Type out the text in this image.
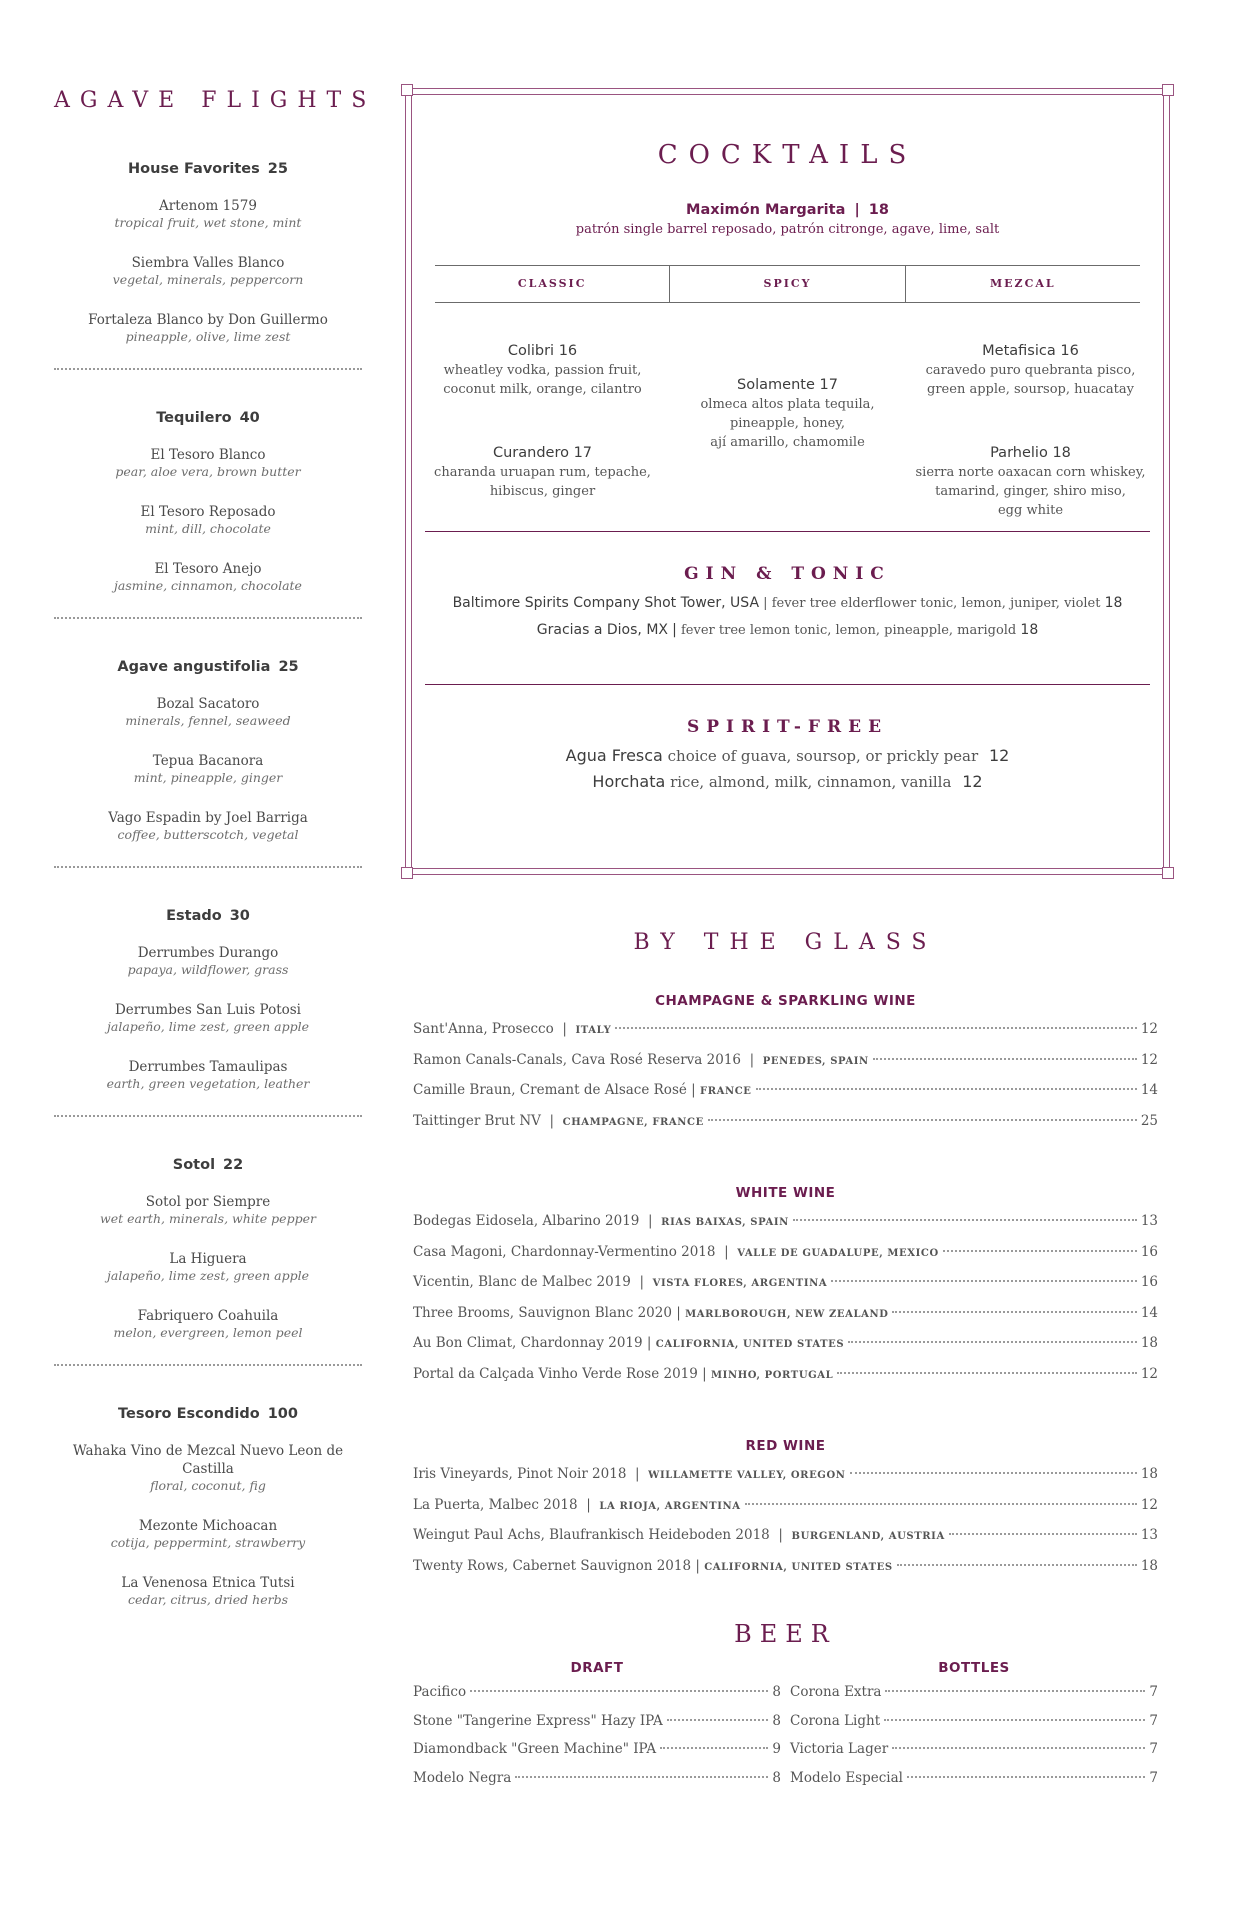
AGAVE FLIGHTS
House Favorites 25
Artenom 1579
tropical fruit, wet stone, mint
Siembra Valles Blanco
vegetal, minerals, peppercorn
Fortaleza Blanco by Don Guillermo
pineapple, olive, lime zest
Tequilero 40
El Tesoro Blanco
pear, aloe vera, brown butter
El Tesoro Reposado
mint, dill, chocolate
El Tesoro Anejo
jasmine, cinnamon, chocolate
Agave angustifolia 25
Bozal Sacatoro
minerals, fennel, seaweed
Tepua Bacanora
mint, pineapple, ginger
Vago Espadin by Joel Barriga
coffee, butterscotch, vegetal
Estado 30
Derrumbes Durango
papaya, wildflower, grass
Derrumbes San Luis Potosi
jalapeño, lime zest, green apple
Derrumbes Tamaulipas
earth, green vegetation, leather
Sotol 22
Sotol por Siempre
wet earth, minerals, white pepper
La Higuera
jalapeño, lime zest, green apple
Fabriquero Coahuila
melon, evergreen, lemon peel
Tesoro Escondido 100
Wahaka Vino de Mezcal Nuevo Leon de Castilla
floral, coconut, fig
Mezonte Michoacan
cotija, peppermint, strawberry
La Venenosa Etnica Tutsi
cedar, citrus, dried herbs
COCKTAILS
Maximón Margarita | 18
patrón single barrel reposado, patrón citronge, agave, lime, salt
CLASSIC	SPICY	MEZCAL
Colibri 16
wheatley vodka, passion fruit,
coconut milk, orange, cilantro
Curandero 17
charanda uruapan rum, tepache,
hibiscus, ginger
Solamente 17
olmeca altos plata tequila,
pineapple, honey,
ají amarillo, chamomile
Metafisica 16
caravedo puro quebranta pisco,
green apple, soursop, huacatay
Parhelio 18
sierra norte oaxacan corn whiskey,
tamarind, ginger, shiro miso,
egg white
GIN & TONIC
Baltimore Spirits Company Shot Tower, USA | fever tree elderflower tonic, lemon, juniper, violet 18
Gracias a Dios, MX | fever tree lemon tonic, lemon, pineapple, marigold 18
SPIRIT-FREE
Agua Fresca choice of guava, soursop, or prickly pear 12
Horchata rice, almond, milk, cinnamon, vanilla 12
BY THE GLASS
CHAMPAGNE & SPARKLING WINE
Sant'Anna, Prosecco
|
ITALY	12
Ramon Canals-Canals, Cava Rosé Reserva 2016
|
PENEDES, SPAIN	12
Camille Braun, Cremant de Alsace Rosé
|
FRANCE	14
Taittinger Brut NV
|
CHAMPAGNE, FRANCE	25
WHITE WINE
Bodegas Eidosela, Albarino 2019
|
RIAS BAIXAS, SPAIN	13
Casa Magoni, Chardonnay-Vermentino 2018
|
VALLE DE GUADALUPE, MEXICO	16
Vicentin, Blanc de Malbec 2019
|
VISTA FLORES, ARGENTINA	16
Three Brooms, Sauvignon Blanc 2020
|
MARLBOROUGH, NEW ZEALAND	14
Au Bon Climat, Chardonnay 2019
|
CALIFORNIA, UNITED STATES	18
Portal da Calçada Vinho Verde Rose 2019
|
MINHO, PORTUGAL	12
RED WINE
Iris Vineyards, Pinot Noir 2018
|
WILLAMETTE VALLEY, OREGON	18
La Puerta, Malbec 2018
|
LA RIOJA, ARGENTINA	12
Weingut Paul Achs, Blaufrankisch Heideboden 2018
|
BURGENLAND, AUSTRIA	13
Twenty Rows, Cabernet Sauvignon 2018
|
CALIFORNIA, UNITED STATES	18
BEER
DRAFT
Pacifico	8
Stone "Tangerine Express" Hazy IPA	8
Diamondback "Green Machine" IPA	9
Modelo Negra	8
BOTTLES
Corona Extra	7
Corona Light	7
Victoria Lager	7
Modelo Especial	7
